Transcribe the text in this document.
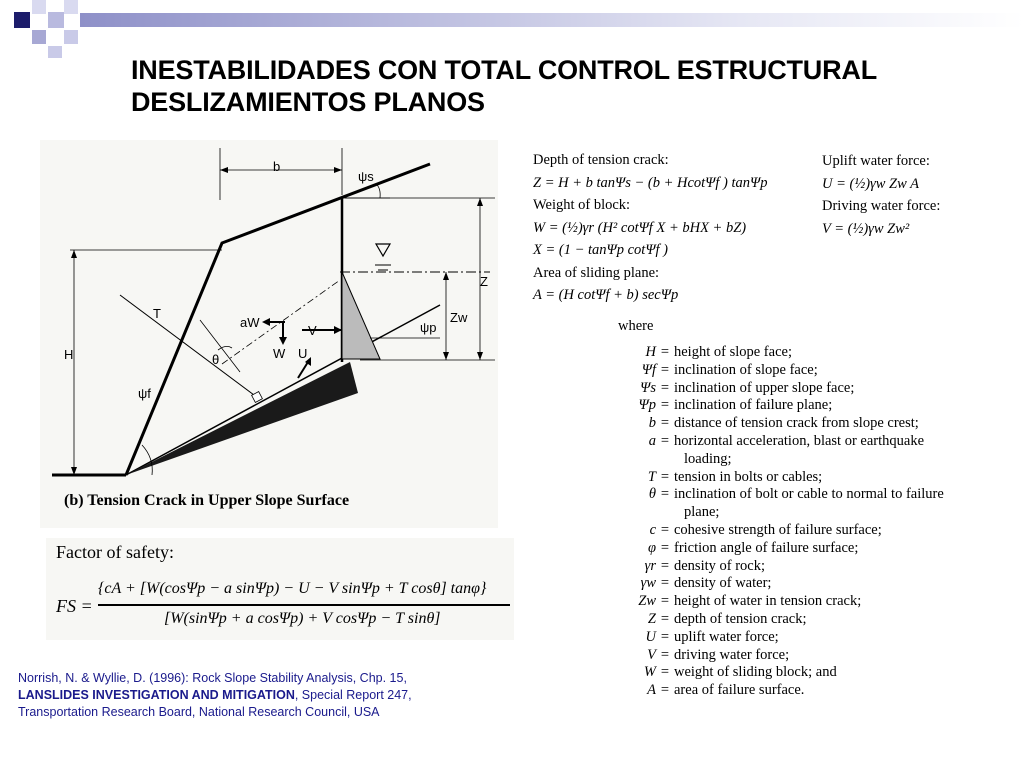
INESTABILIDADES CON TOTAL CONTROL ESTRUCTURAL
DESLIZAMIENTOS PLANOS
b
ψs
Z
Zw
ψp
T
aW
V
W U
H	θ
ψf
(b) Tension Crack in Upper Slope Surface
Depth of tension crack:
Z = H + b tanΨs − (b + HcotΨf ) tanΨp
Weight of block:
W = (½)γr (H² cotΨf X + bHX + bZ)
X = (1 − tanΨp cotΨf )
Area of sliding plane:
A = (H cotΨf + b) secΨp
Uplift water force:
U = (½)γw Zw A
Driving water force:
V = (½)γw Zw²
where
H = height of slope face;
Ψf = inclination of slope face;
Ψs = inclination of upper slope face;
Ψp = inclination of failure plane;
b = distance of tension crack from slope crest;
a = horizontal acceleration, blast or earthquake
loading;
T = tension in bolts or cables;
θ = inclination of bolt or cable to normal to failure
plane;
c = cohesive strength of failure surface;
φ = friction angle of failure surface;
γr = density of rock;
γw = density of water;
Zw = height of water in tension crack;
Z = depth of tension crack;
U = uplift water force;
V = driving water force;
W = weight of sliding block; and
A = area of failure surface.
Factor of safety:
FS =
{cA + [W(cosΨp − a sinΨp) − U − V sinΨp + T cosθ] tanφ}
[W(sinΨp + a cosΨp) + V cosΨp − T sinθ]
Norrish, N. & Wyllie, D. (1996): Rock Slope Stability Analysis, Chp. 15,
LANSLIDES INVESTIGATION AND MITIGATION, Special Report 247,
Transportation Research Board, National Research Council, USA
